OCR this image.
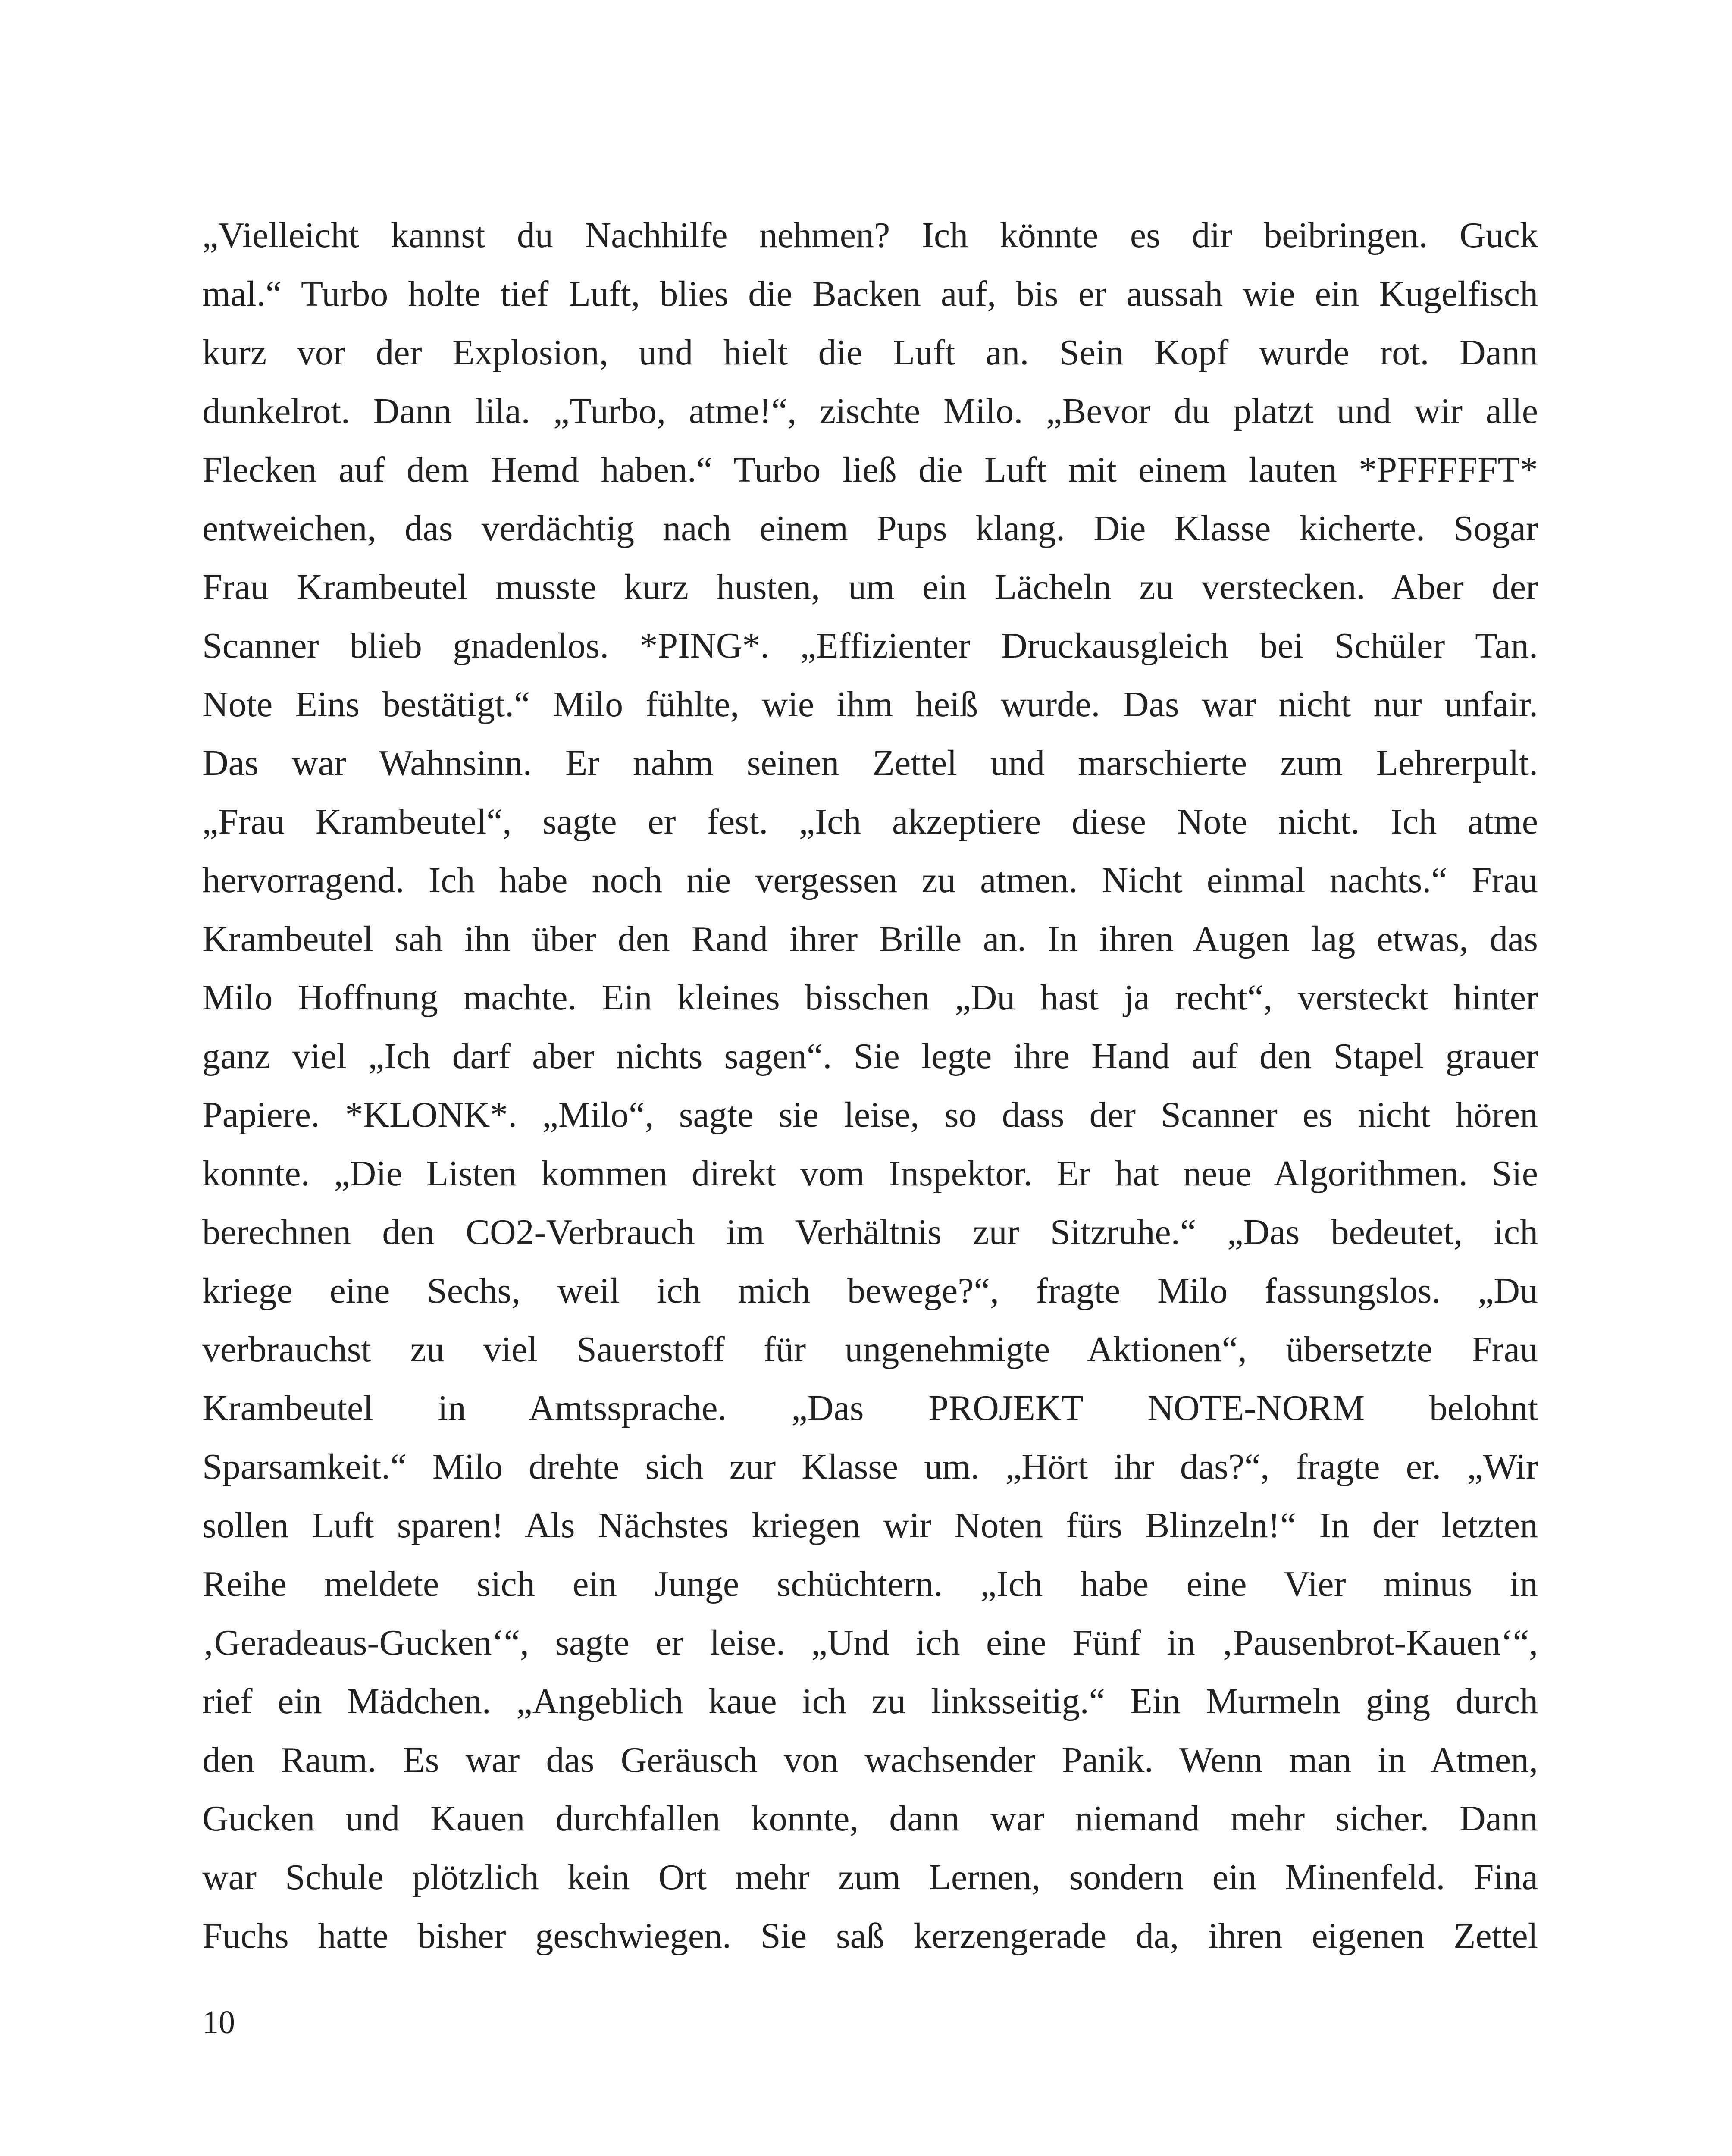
„Vielleicht kannst du Nachhilfe nehmen? Ich könnte es dir beibringen. Guck
mal.“ Turbo holte tief Luft, blies die Backen auf, bis er aussah wie ein Kugelfisch
kurz vor der Explosion, und hielt die Luft an. Sein Kopf wurde rot. Dann
dunkelrot. Dann lila. „Turbo, atme!“, zischte Milo. „Bevor du platzt und wir alle
Flecken auf dem Hemd haben.“ Turbo ließ die Luft mit einem lauten *PFFFFFT*
entweichen, das verdächtig nach einem Pups klang. Die Klasse kicherte. Sogar
Frau Krambeutel musste kurz husten, um ein Lächeln zu verstecken. Aber der
Scanner blieb gnadenlos. *PING*. „Effizienter Druckausgleich bei Schüler Tan.
Note Eins bestätigt.“ Milo fühlte, wie ihm heiß wurde. Das war nicht nur unfair.
Das war Wahnsinn. Er nahm seinen Zettel und marschierte zum Lehrerpult.
„Frau Krambeutel“, sagte er fest. „Ich akzeptiere diese Note nicht. Ich atme
hervorragend. Ich habe noch nie vergessen zu atmen. Nicht einmal nachts.“ Frau
Krambeutel sah ihn über den Rand ihrer Brille an. In ihren Augen lag etwas, das
Milo Hoffnung machte. Ein kleines bisschen „Du hast ja recht“, versteckt hinter
ganz viel „Ich darf aber nichts sagen“. Sie legte ihre Hand auf den Stapel grauer
Papiere. *KLONK*. „Milo“, sagte sie leise, so dass der Scanner es nicht hören
konnte. „Die Listen kommen direkt vom Inspektor. Er hat neue Algorithmen. Sie
berechnen den CO2-Verbrauch im Verhältnis zur Sitzruhe.“ „Das bedeutet, ich
kriege eine Sechs, weil ich mich bewege?“, fragte Milo fassungslos. „Du
verbrauchst zu viel Sauerstoff für ungenehmigte Aktionen“, übersetzte Frau
Krambeutel in Amtssprache. „Das PROJEKT NOTE-NORM belohnt
Sparsamkeit.“ Milo drehte sich zur Klasse um. „Hört ihr das?“, fragte er. „Wir
sollen Luft sparen! Als Nächstes kriegen wir Noten fürs Blinzeln!“ In der letzten
Reihe meldete sich ein Junge schüchtern. „Ich habe eine Vier minus in
‚Geradeaus-Gucken‘“, sagte er leise. „Und ich eine Fünf in ‚Pausenbrot-Kauen‘“,
rief ein Mädchen. „Angeblich kaue ich zu linksseitig.“ Ein Murmeln ging durch
den Raum. Es war das Geräusch von wachsender Panik. Wenn man in Atmen,
Gucken und Kauen durchfallen konnte, dann war niemand mehr sicher. Dann
war Schule plötzlich kein Ort mehr zum Lernen, sondern ein Minenfeld. Fina
Fuchs hatte bisher geschwiegen. Sie saß kerzengerade da, ihren eigenen Zettel
10
